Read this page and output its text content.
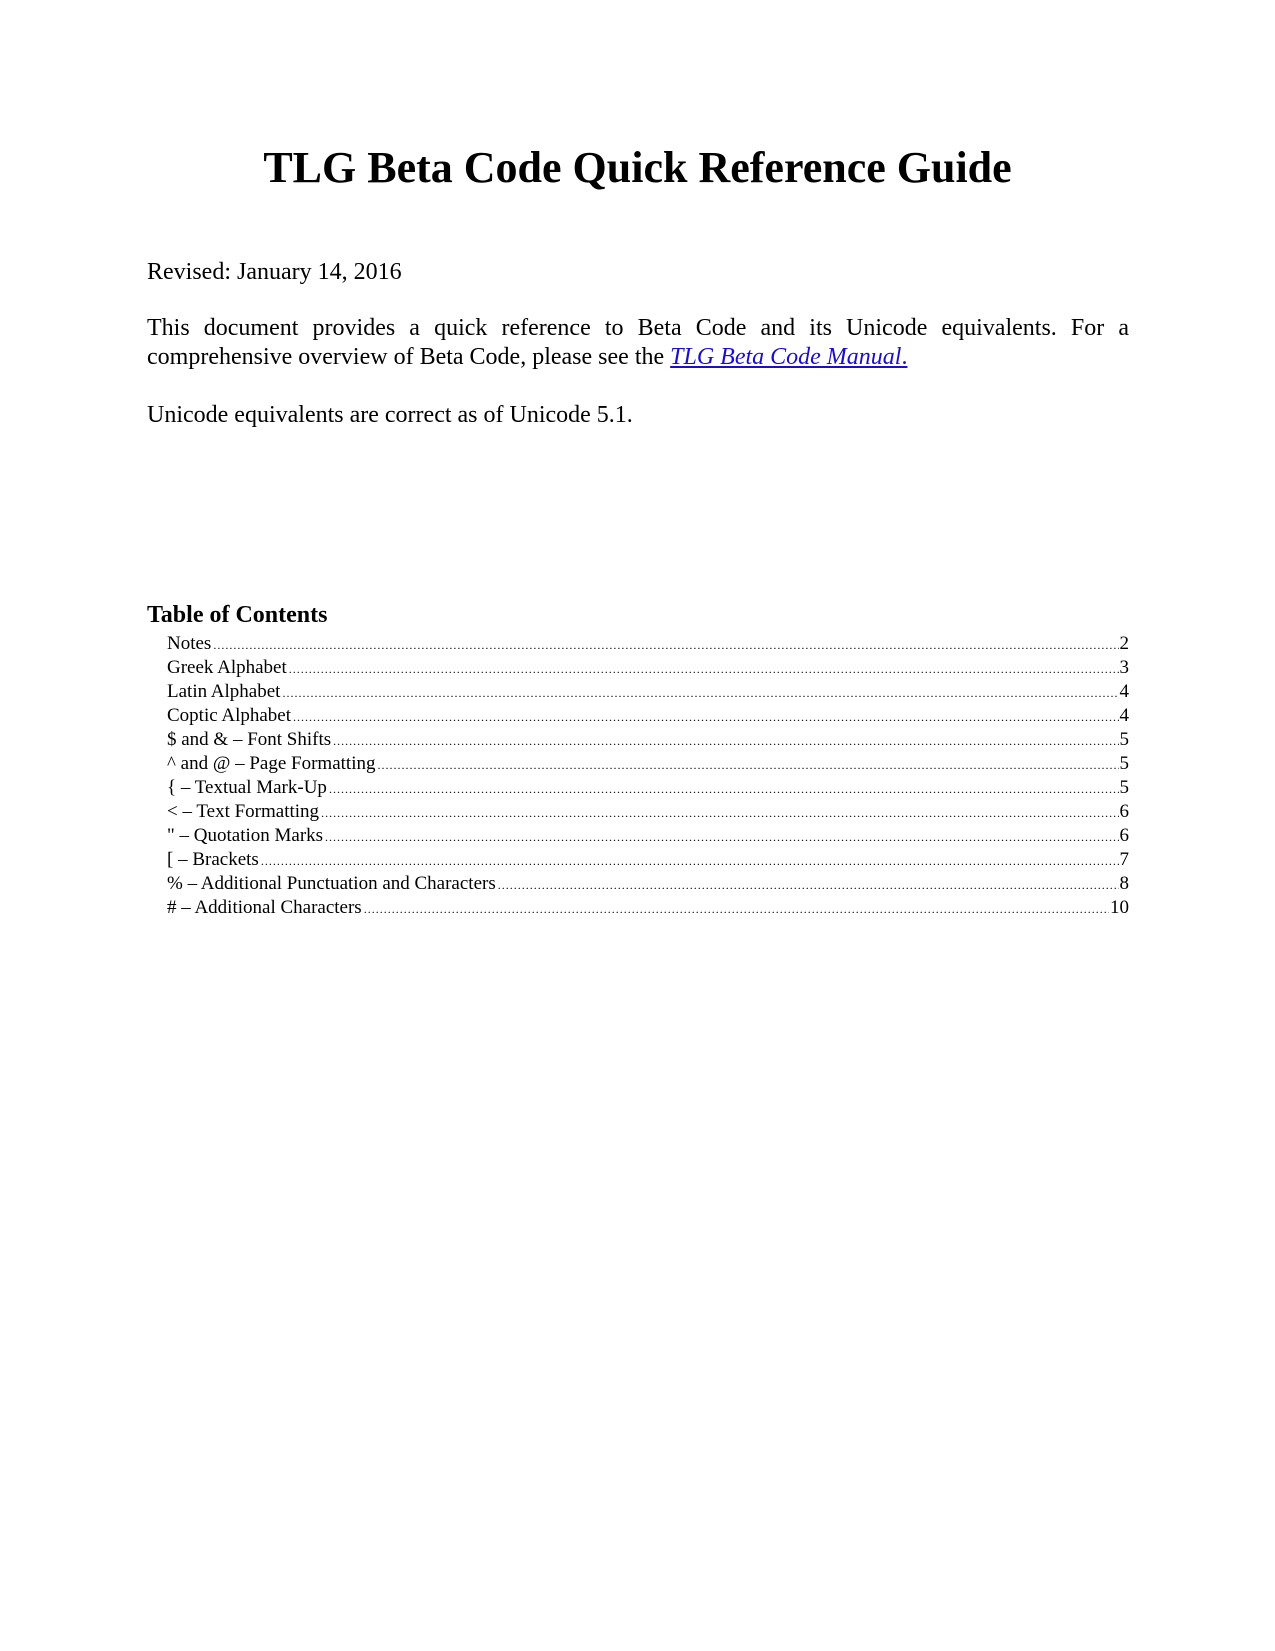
TLG Beta Code Quick Reference Guide
Revised: January 14, 2016

This document provides a quick reference to Beta Code and its Unicode equivalents. For a comprehensive overview of Beta Code, please see the TLG Beta Code Manual.

Unicode equivalents are correct as of Unicode 5.1.
Table of Contents
Notes .....	2
Greek Alphabet .....	3
Latin Alphabet .....	4
Coptic Alphabet .....	4
$ and & – Font Shifts .....	5
^ and @ – Page Formatting .....	5
{ – Textual Mark-Up .....	5
< – Text Formatting .....	6
" – Quotation Marks .....	6
[ – Brackets .....	7
% – Additional Punctuation and Characters .....	8
# – Additional Characters .....	10
